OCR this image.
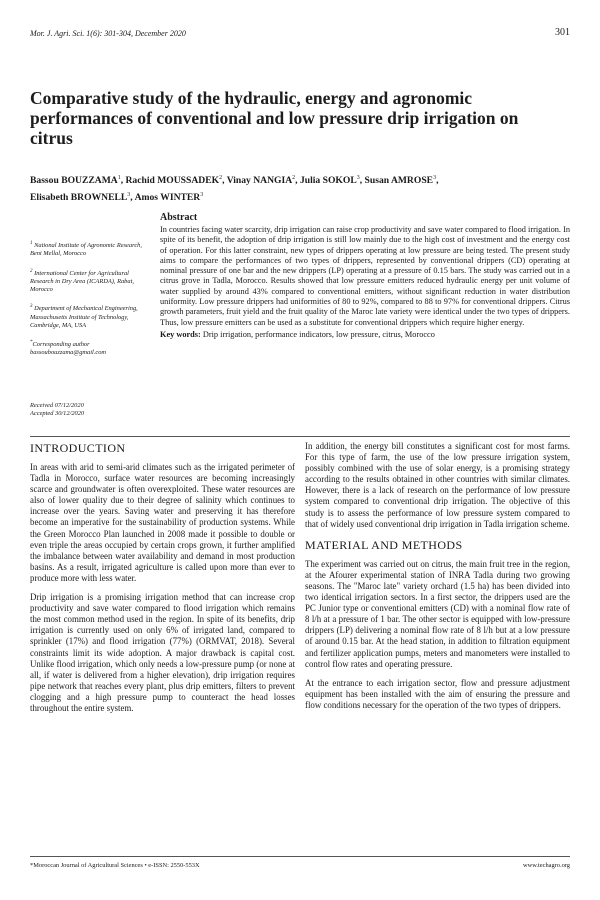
Mor. J. Agri. Sci. 1(6): 301-304, December 2020	301
Comparative study of the hydraulic, energy and agronomic performances of conventional and low pressure drip irrigation on citrus
Bassou BOUZZAMA$^1$, Rachid MOUSSADEK$^2$, Vinay NANGIA$^2$, Julia SOKOL$^3$, Susan AMROSE$^3$,
Elisabeth BROWNELL$^3$, Amos WINTER$^3$
$^1$ National Institute of Agronomic Research, Beni Mellal, Morocco
$^2$ International Center for Agricultural Research in Dry Area (ICARDA), Rabat, Morocco
$^3$ Department of Mechanical Engineering, Massachusetts Institute of Technology, Cambridge, MA, USA
*Corresponding author bassoubouzzama@gmail.com
Received 07/12/2020
Accepted 30/12/2020
Abstract

In countries facing water scarcity, drip irrigation can raise crop productivity and save water compared to flood irrigation. In spite of its benefit, the adoption of drip irrigation is still low mainly due to the high cost of investment and the energy cost of operation. For this latter constraint, new types of drippers operating at low pressure are being tested. The present study aims to compare the performances of two types of drippers, represented by conventional drippers (CD) operating at nominal pressure of one bar and the new drippers (LP) operating at a pressure of 0.15 bars. The study was carried out in a citrus grove in Tadla, Morocco. Results showed that low pressure emitters reduced hydraulic energy per unit volume of water supplied by around 43% compared to conventional emitters, without significant reduction in water distribution uniformity. Low pressure drippers had uniformities of 80 to 92%, compared to 88 to 97% for conventional drippers. Citrus growth parameters, fruit yield and the fruit quality of the Maroc late variety were identical under the two types of drippers. Thus, low pressure emitters can be used as a substitute for conventional drippers which require higher energy.

Key words: Drip irrigation, performance indicators, low pressure, citrus, Morocco
INTRODUCTION

In areas with arid to semi-arid climates such as the irrigated perimeter of Tadla in Morocco, surface water resources are becoming increasingly scarce and groundwater is often overexploited. These water resources are also of lower quality due to their degree of salinity which continues to increase over the years. Saving water and preserving it has therefore become an imperative for the sustainability of production systems. While the Green Morocco Plan launched in 2008 made it possible to double or even triple the areas occupied by certain crops grown, it further amplified the imbalance between water availability and demand in most production basins. As a result, irrigated agriculture is called upon more than ever to produce more with less water.

Drip irrigation is a promising irrigation method that can increase crop productivity and save water compared to flood irrigation which remains the most common method used in the region. In spite of its benefits, drip irrigation is currently used on only 6% of irrigated land, compared to sprinkler (17%) and flood irrigation (77%) (ORMVAT, 2018). Several constraints limit its wide adoption. A major drawback is capital cost. Unlike flood irrigation, which only needs a low-pressure pump (or none at all, if water is delivered from a higher elevation), drip irrigation requires pipe network that reaches every plant, plus drip emitters, filters to prevent clogging and a high pressure pump to counteract the head losses throughout the entire system.

In addition, the energy bill constitutes a significant cost for most farms. For this type of farm, the use of the low pressure irrigation system, possibly combined with the use of solar energy, is a promising strategy according to the results obtained in other countries with similar climates. However, there is a lack of research on the performance of low pressure system compared to conventional drip irrigation. The objective of this study is to assess the performance of low pressure system compared to that of widely used conventional drip irrigation in Tadla irrigation scheme.

MATERIAL AND METHODS

The experiment was carried out on citrus, the main fruit tree in the region, at the Afourer experimental station of INRA Tadla during two growing seasons. The "Maroc late" variety orchard (1.5 ha) has been divided into two identical irrigation sectors. In a first sector, the drippers used are the PC Junior type or conventional emitters (CD) with a nominal flow rate of 8 l/h at a pressure of 1 bar. The other sector is equipped with low-pressure drippers (LP) delivering a nominal flow rate of 8 l/h but at a low pressure of around 0.15 bar. At the head station, in addition to filtration equipment and fertilizer application pumps, meters and manometers were installed to control flow rates and operating pressure.

At the entrance to each irrigation sector, flow and pressure adjustment equipment has been installed with the aim of ensuring the pressure and flow conditions necessary for the operation of the two types of drippers.

*Moroccan Journal of Agricultural Sciences • e-ISSN: 2550-553X	www.techagro.org
